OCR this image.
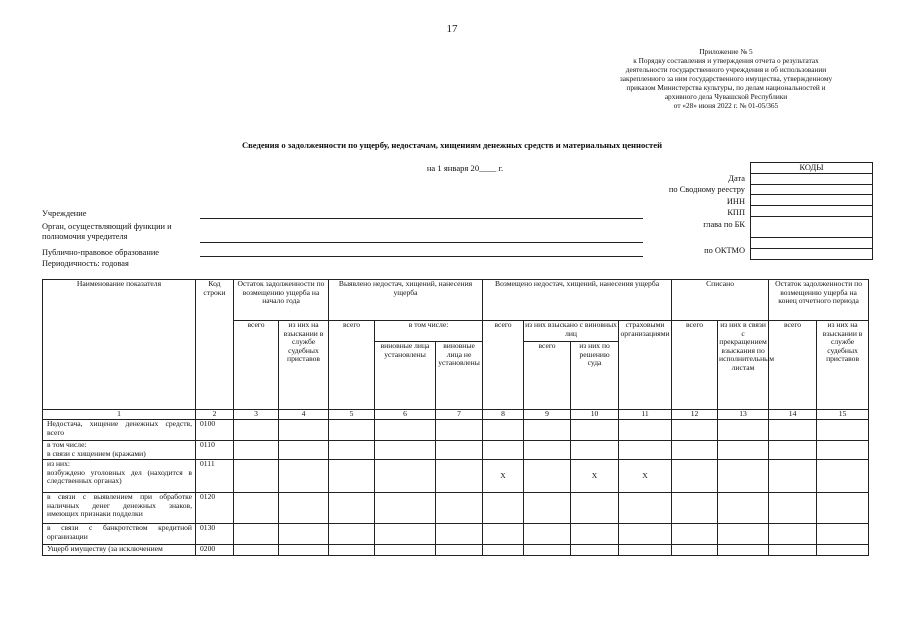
17
Приложение № 5
к Порядку составления и утверждения отчета о результатах
деятельности государственного учреждения и об использовании
закрепленного за ним государственного имущества, утвержденному
приказом Министерства культуры, по делам национальностей и
архивного дела Чувашской Республики
от «28» июня 2022 г. № 01-05/365
Сведения о задолженности по ущербу, недостачам, хищениям денежных средств и материальных ценностей
на 1 января 20____ г.	КОДЫ

Дата
по Сводному реестру
ИНН
КПП
глава по БК
по ОКТМО
Учреждение
Орган, осуществляющий функции и
полномочия учредителя
Публично-правовое образование
Периодичность: годовая
Наименование показателя	Код строки	Остаток задолженности по возмещению ущерба на начало года		Выявлено недостач, хищений, нанесения ущерба			Возмещено недостач, хищений, нанесения ущерба				Списано		Остаток задолженности по возмещению ущерба на конец отчетного периода	
		всего	из них на взыскании в службе судебных приставов	всего	в том числе:		всего	из них взыскано с виновных лиц		страховыми организациями	всего	из них в связи с прекращением взыскания по исполнительным листам	всего	из них на взыскании в службе судебных приставов
					виновные лица установлены	виновные лица не установлены		всего	из них по решению суда					
1	2	3	4	5	6	7	8	9	10	11	12	13	14	15
Недостача, хищение денежных средств, всего	0100													
в том числе:
в связи с хищением (кражами)	0110													
из них:
возбуждено уголовных дел (находится в следственных органах)	0111						X		X	X				
в связи с выявлением при обработке наличных денег денежных знаков, имеющих признаки подделки	0120													
в связи с банкротством кредитной организации	0130													
Ущерб имуществу (за исключением	0200													
